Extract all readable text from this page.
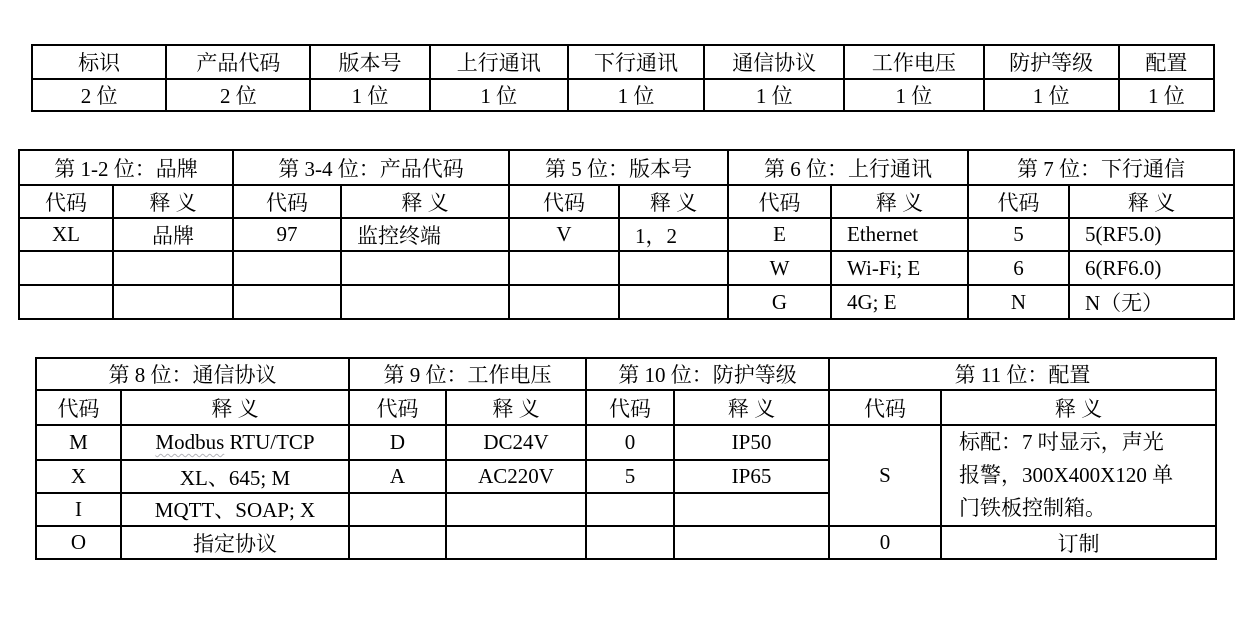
标识	产品代码	版本号	上行通讯	下行通讯	通信协议	工作电压	防护等级	配置
2 位	2 位	1 位	1 位	1 位	1 位	1 位	1 位	1 位
第 1-2 位：品牌		第 3-4 位：产品代码		第 5 位：版本号		第 6 位：上行通讯		第 7 位：下行通信	
代码	释 义	代码	释 义	代码	释 义	代码	释 义	代码	释 义
XL	品牌	97	监控终端	V	1，2	E	Ethernet	5	5(RF5.0)
						W	Wi-Fi; E	6	6(RF6.0)
						G	4G; E	N	N（无）
第 8 位：通信协议		第 9 位：工作电压		第 10 位：防护等级		第 11 位：配置	
代码	释 义	代码	释 义	代码	释 义	代码	释 义
M	Modbus RTU/TCP	D	DC24V	0	IP50	S	标配：7 吋显示，声光
报警，300X400X120 单
门铁板控制箱。

X	XL、645; M	A	AC220V	5	IP65		
I	MQTT、SOAP; X						
O	指定协议					0	订制
